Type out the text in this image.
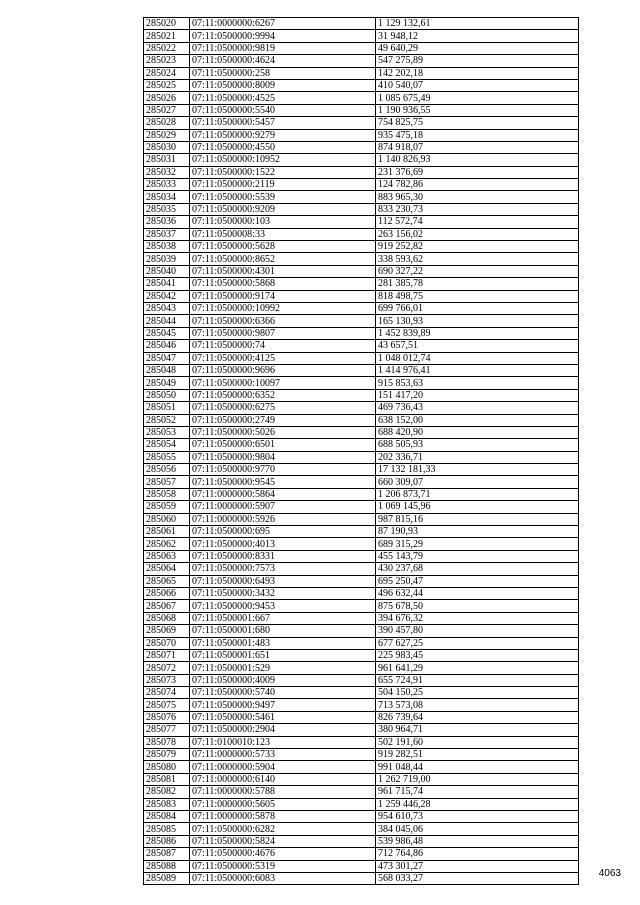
285020	07:11:0000000:6267	1 129 132,61
285021	07:11:0500000:9994	31 948,12
285022	07:11:0500000:9819	49 640,29
285023	07:11:0500000:4624	547 275,89
285024	07:11:0500000:258	142 202,18
285025	07:11:0500000:8009	410 540,07
285026	07:11:0500000:4525	1 085 675,49
285027	07:11:0500000:5540	1 190 936,55
285028	07:11:0500000:5457	754 825,75
285029	07:11:0500000:9279	935 475,18
285030	07:11:0500000:4550	874 918,07
285031	07:11:0500000:10952	1 140 826,93
285032	07:11:0500000:1522	231 376,69
285033	07:11:0500000:2119	124 782,86
285034	07:11:0500000:5539	883 965,30
285035	07:11:0500000:9209	833 230,73
285036	07:11:0500000:103	112 572,74
285037	07:11:0500008:33	263 156,02
285038	07:11:0500000:5628	919 252,82
285039	07:11:0500000:8652	338 593,62
285040	07:11:0500000:4301	690 327,22
285041	07:11:0500000:5868	281 385,78
285042	07:11:0500000:9174	818 498,75
285043	07:11:0500000:10992	699 766,01
285044	07:11:0500000:6366	165 130,93
285045	07:11:0500000:9807	1 452 839,89
285046	07:11:0500000:74	43 657,51
285047	07:11:0500000:4125	1 048 012,74
285048	07:11:0500000:9696	1 414 976,41
285049	07:11:0500000:10097	915 853,63
285050	07:11:0500000:6352	151 417,20
285051	07:11:0500000:6275	469 736,43
285052	07:11:0500000:2749	638 152,00
285053	07:11:0500000:5026	688 420,90
285054	07:11:0500000:6501	688 505,93
285055	07:11:0500000:9804	202 336,71
285056	07:11:0500000:9770	17 132 181,33
285057	07:11:0500000:9545	660 309,07
285058	07:11:0000000:5864	1 206 873,71
285059	07:11:0000000:5907	1 069 145,96
285060	07:11:0000000:5926	987 815,16
285061	07:11:0500000:695	87 190,93
285062	07:11:0500000:4013	689 315,29
285063	07:11:0500000:8331	455 143,79
285064	07:11:0500000:7573	430 237,68
285065	07:11:0500000:6493	695 250,47
285066	07:11:0500000:3432	496 632,44
285067	07:11:0500000:9453	875 678,50
285068	07:11:0500001:667	394 676,32
285069	07:11:0500001:680	390 457,80
285070	07:11:0500001:483	677 627,25
285071	07:11:0500001:651	225 983,45
285072	07:11:0500001:529	961 641,29
285073	07:11:0500000:4009	655 724,91
285074	07:11:0500000:5740	504 150,25
285075	07:11:0500000:9497	713 573,08
285076	07:11:0500000:5461	826 739,64
285077	07:11:0500000:2904	380 964,71
285078	07:11:0100010:123	502 191,60
285079	07:11:0000000:5733	919 282,51
285080	07:11:0000000:5904	991 048,44
285081	07:11:0000000:6140	1 262 719,00
285082	07:11:0000000:5788	961 715,74
285083	07:11:0000000:5605	1 259 446,28
285084	07:11:0000000:5878	954 610,73
285085	07:11:0500000:6282	384 045,06
285086	07:11:0500000:5824	539 986,48
285087	07:11:0500000:4676	712 764,86
285088	07:11:0500000:5319	473 301,27
285089	07:11:0500000:6083	568 033,27	4063
